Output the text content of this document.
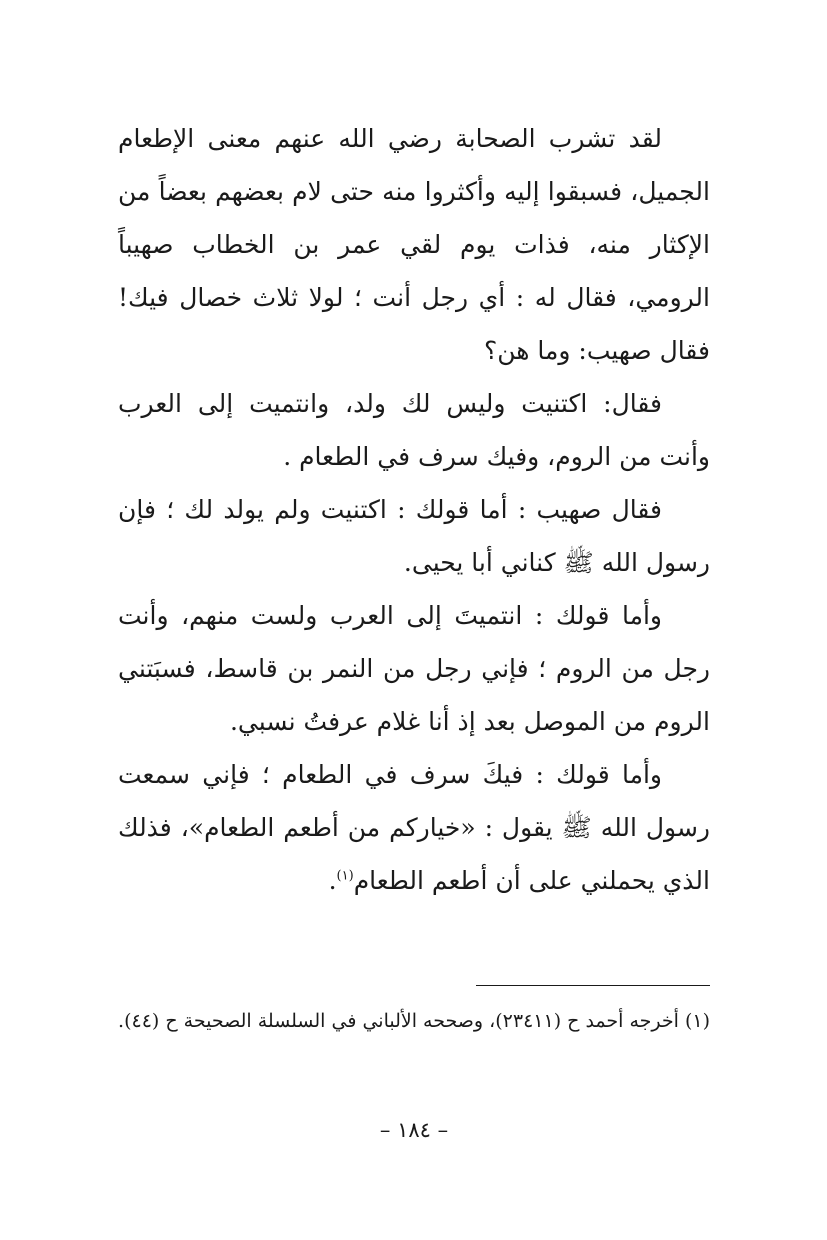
لقد تشرب الصحابة رضي الله عنهم معنى الإطعام الجميل، فسبقوا إليه وأكثروا منه حتى لام بعضهم بعضاً من الإكثار منه، فذات يوم لقي عمر بن الخطاب صهيباً الرومي، فقال له : أي رجل أنت ؛ لولا ثلاث خصال فيك! فقال صهيب: وما هن؟

فقال: اكتنيت وليس لك ولد، وانتميت إلى العرب وأنت من الروم، وفيك سرف في الطعام .

فقال صهيب : أما قولك : اكتنيت ولم يولد لك ؛ فإن رسول الله ﷺ كناني أبا يحيى.

وأما قولك : انتميتَ إلى العرب ولست منهم، وأنت رجل من الروم ؛ فإني رجل من النمر بن قاسط، فسبَتني الروم من الموصل بعد إذ أنا غلام عرفتُ نسبي.

وأما قولك : فيكَ سرف في الطعام ؛ فإني سمعت رسول الله ﷺ يقول : «خياركم من أطعم الطعام»، فذلك الذي يحملني على أن أطعم الطعام$^{(١)}$.

(١) أخرجه أحمد ح (٢٣٤١١)، وصححه الألباني في السلسلة الصحيحة ح (٤٤).

– ١٨٤ –
